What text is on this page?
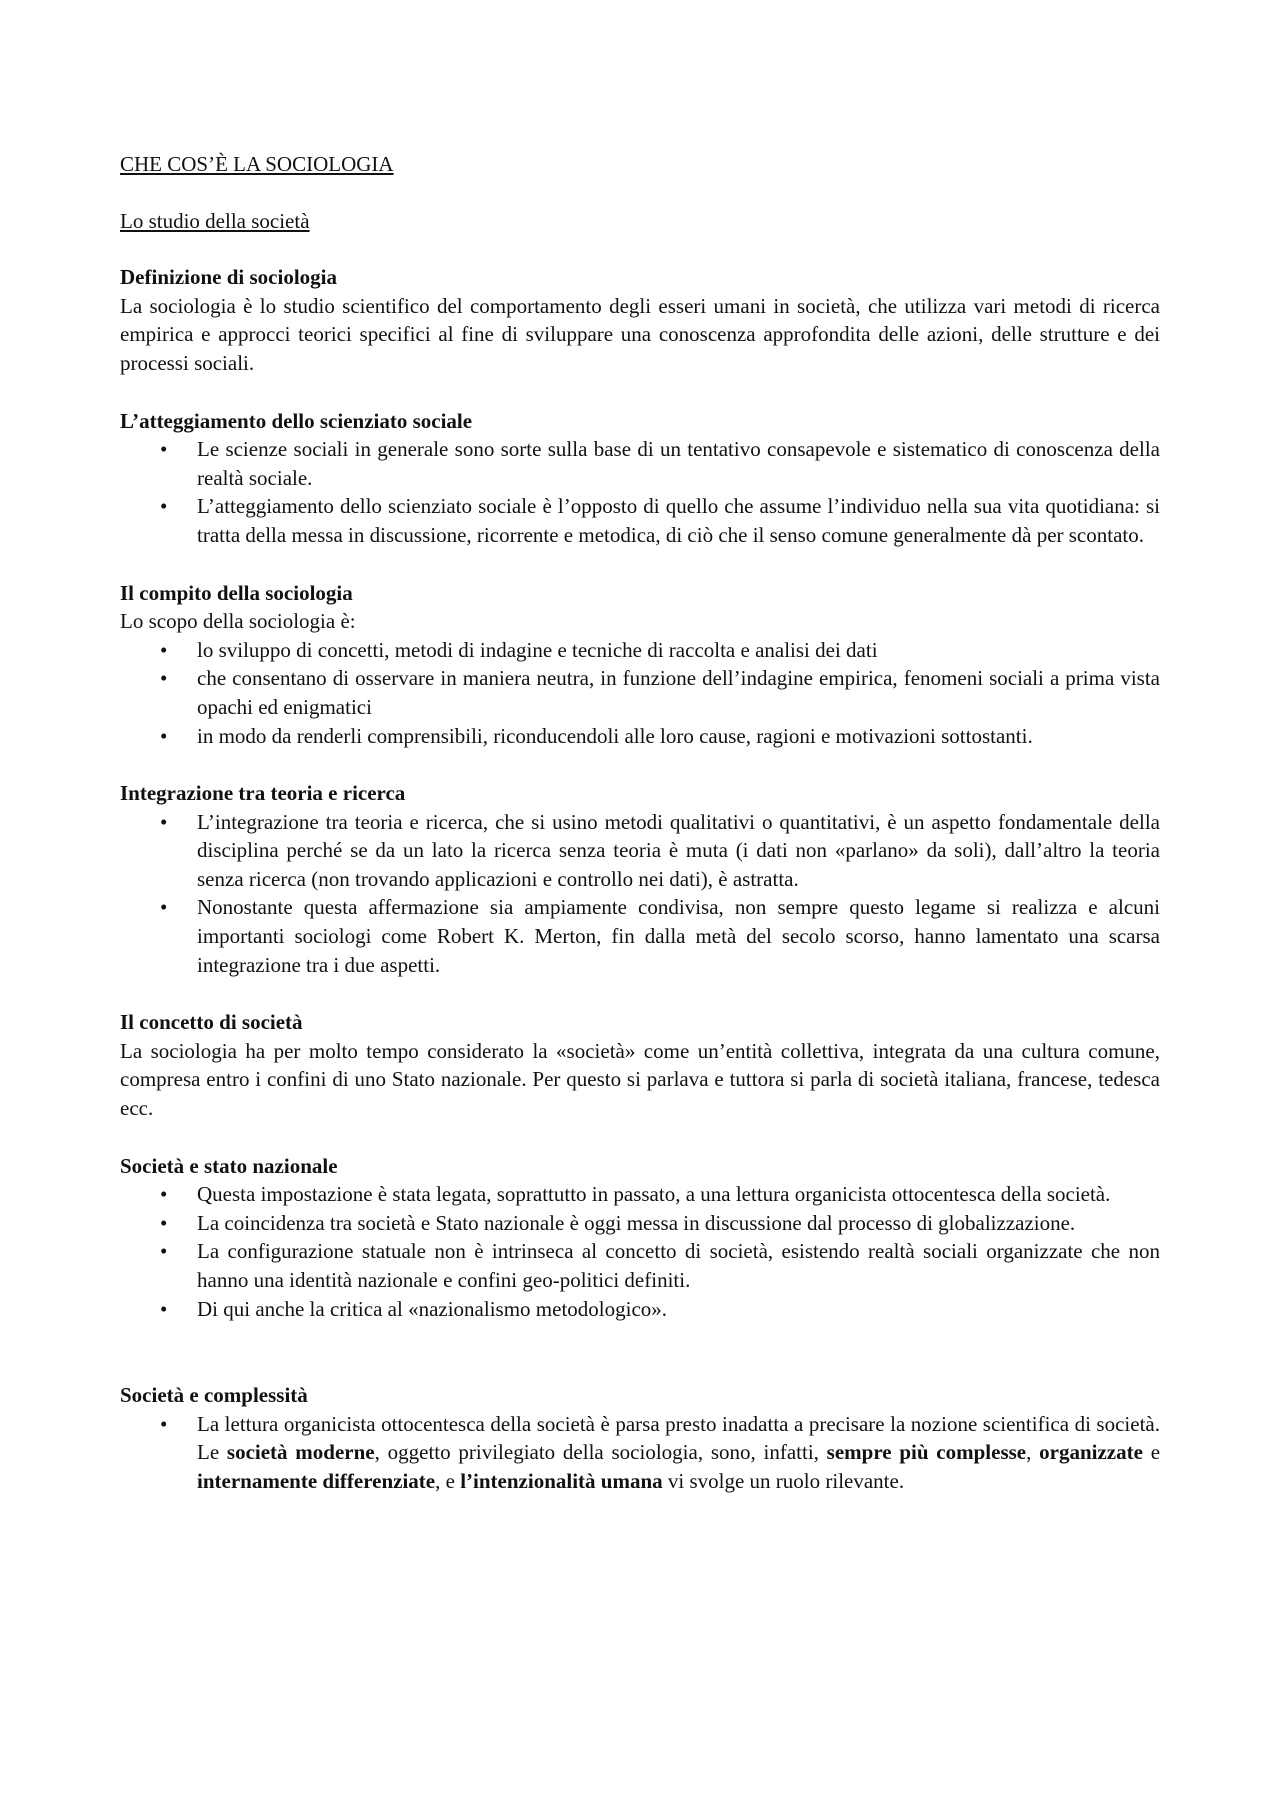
CHE COS’È LA SOCIOLOGIA
Lo studio della società
Definizione di sociologia

La sociologia è lo studio scientifico del comportamento degli esseri umani in società, che utilizza vari metodi di ricerca empirica e approcci teorici specifici al fine di sviluppare una conoscenza approfondita delle azioni, delle strutture e dei processi sociali.

L’atteggiamento dello scienziato sociale
• Le scienze sociali in generale sono sorte sulla base di un tentativo consapevole e sistematico di conoscenza della realtà sociale.
• L’atteggiamento dello scienziato sociale è l’opposto di quello che assume l’individuo nella sua vita quotidiana: si tratta della messa in discussione, ricorrente e metodica, di ciò che il senso comune generalmente dà per scontato.
Il compito della sociologia

Lo scopo della sociologia è:

• lo sviluppo di concetti, metodi di indagine e tecniche di raccolta e analisi dei dati
• che consentano di osservare in maniera neutra, in funzione dell’indagine empirica, fenomeni sociali a prima vista opachi ed enigmatici
• in modo da renderli comprensibili, riconducendoli alle loro cause, ragioni e motivazioni sottostanti.
Integrazione tra teoria e ricerca
• L’integrazione tra teoria e ricerca, che si usino metodi qualitativi o quantitativi, è un aspetto fondamentale della disciplina perché se da un lato la ricerca senza teoria è muta (i dati non «parlano» da soli), dall’altro la teoria senza ricerca (non trovando applicazioni e controllo nei dati), è astratta.
• Nonostante questa affermazione sia ampiamente condivisa, non sempre questo legame si realizza e alcuni importanti sociologi come Robert K. Merton, fin dalla metà del secolo scorso, hanno lamentato una scarsa integrazione tra i due aspetti.
Il concetto di società

La sociologia ha per molto tempo considerato la «società» come un’entità collettiva, integrata da una cultura comune, compresa entro i confini di uno Stato nazionale. Per questo si parlava e tuttora si parla di società italiana, francese, tedesca ecc.

Società e stato nazionale
• Questa impostazione è stata legata, soprattutto in passato, a una lettura organicista ottocentesca della società.
• La coincidenza tra società e Stato nazionale è oggi messa in discussione dal processo di globalizzazione.
• La configurazione statuale non è intrinseca al concetto di società, esistendo realtà sociali organizzate che non hanno una identità nazionale e confini geo-politici definiti.
• Di qui anche la critica al «nazionalismo metodologico».
Società e complessità
• La lettura organicista ottocentesca della società è parsa presto inadatta a precisare la nozione scientifica di società. Le società moderne, oggetto privilegiato della sociologia, sono, infatti, sempre più complesse, organizzate e internamente differenziate, e l’intenzionalità umana vi svolge un ruolo rilevante.
